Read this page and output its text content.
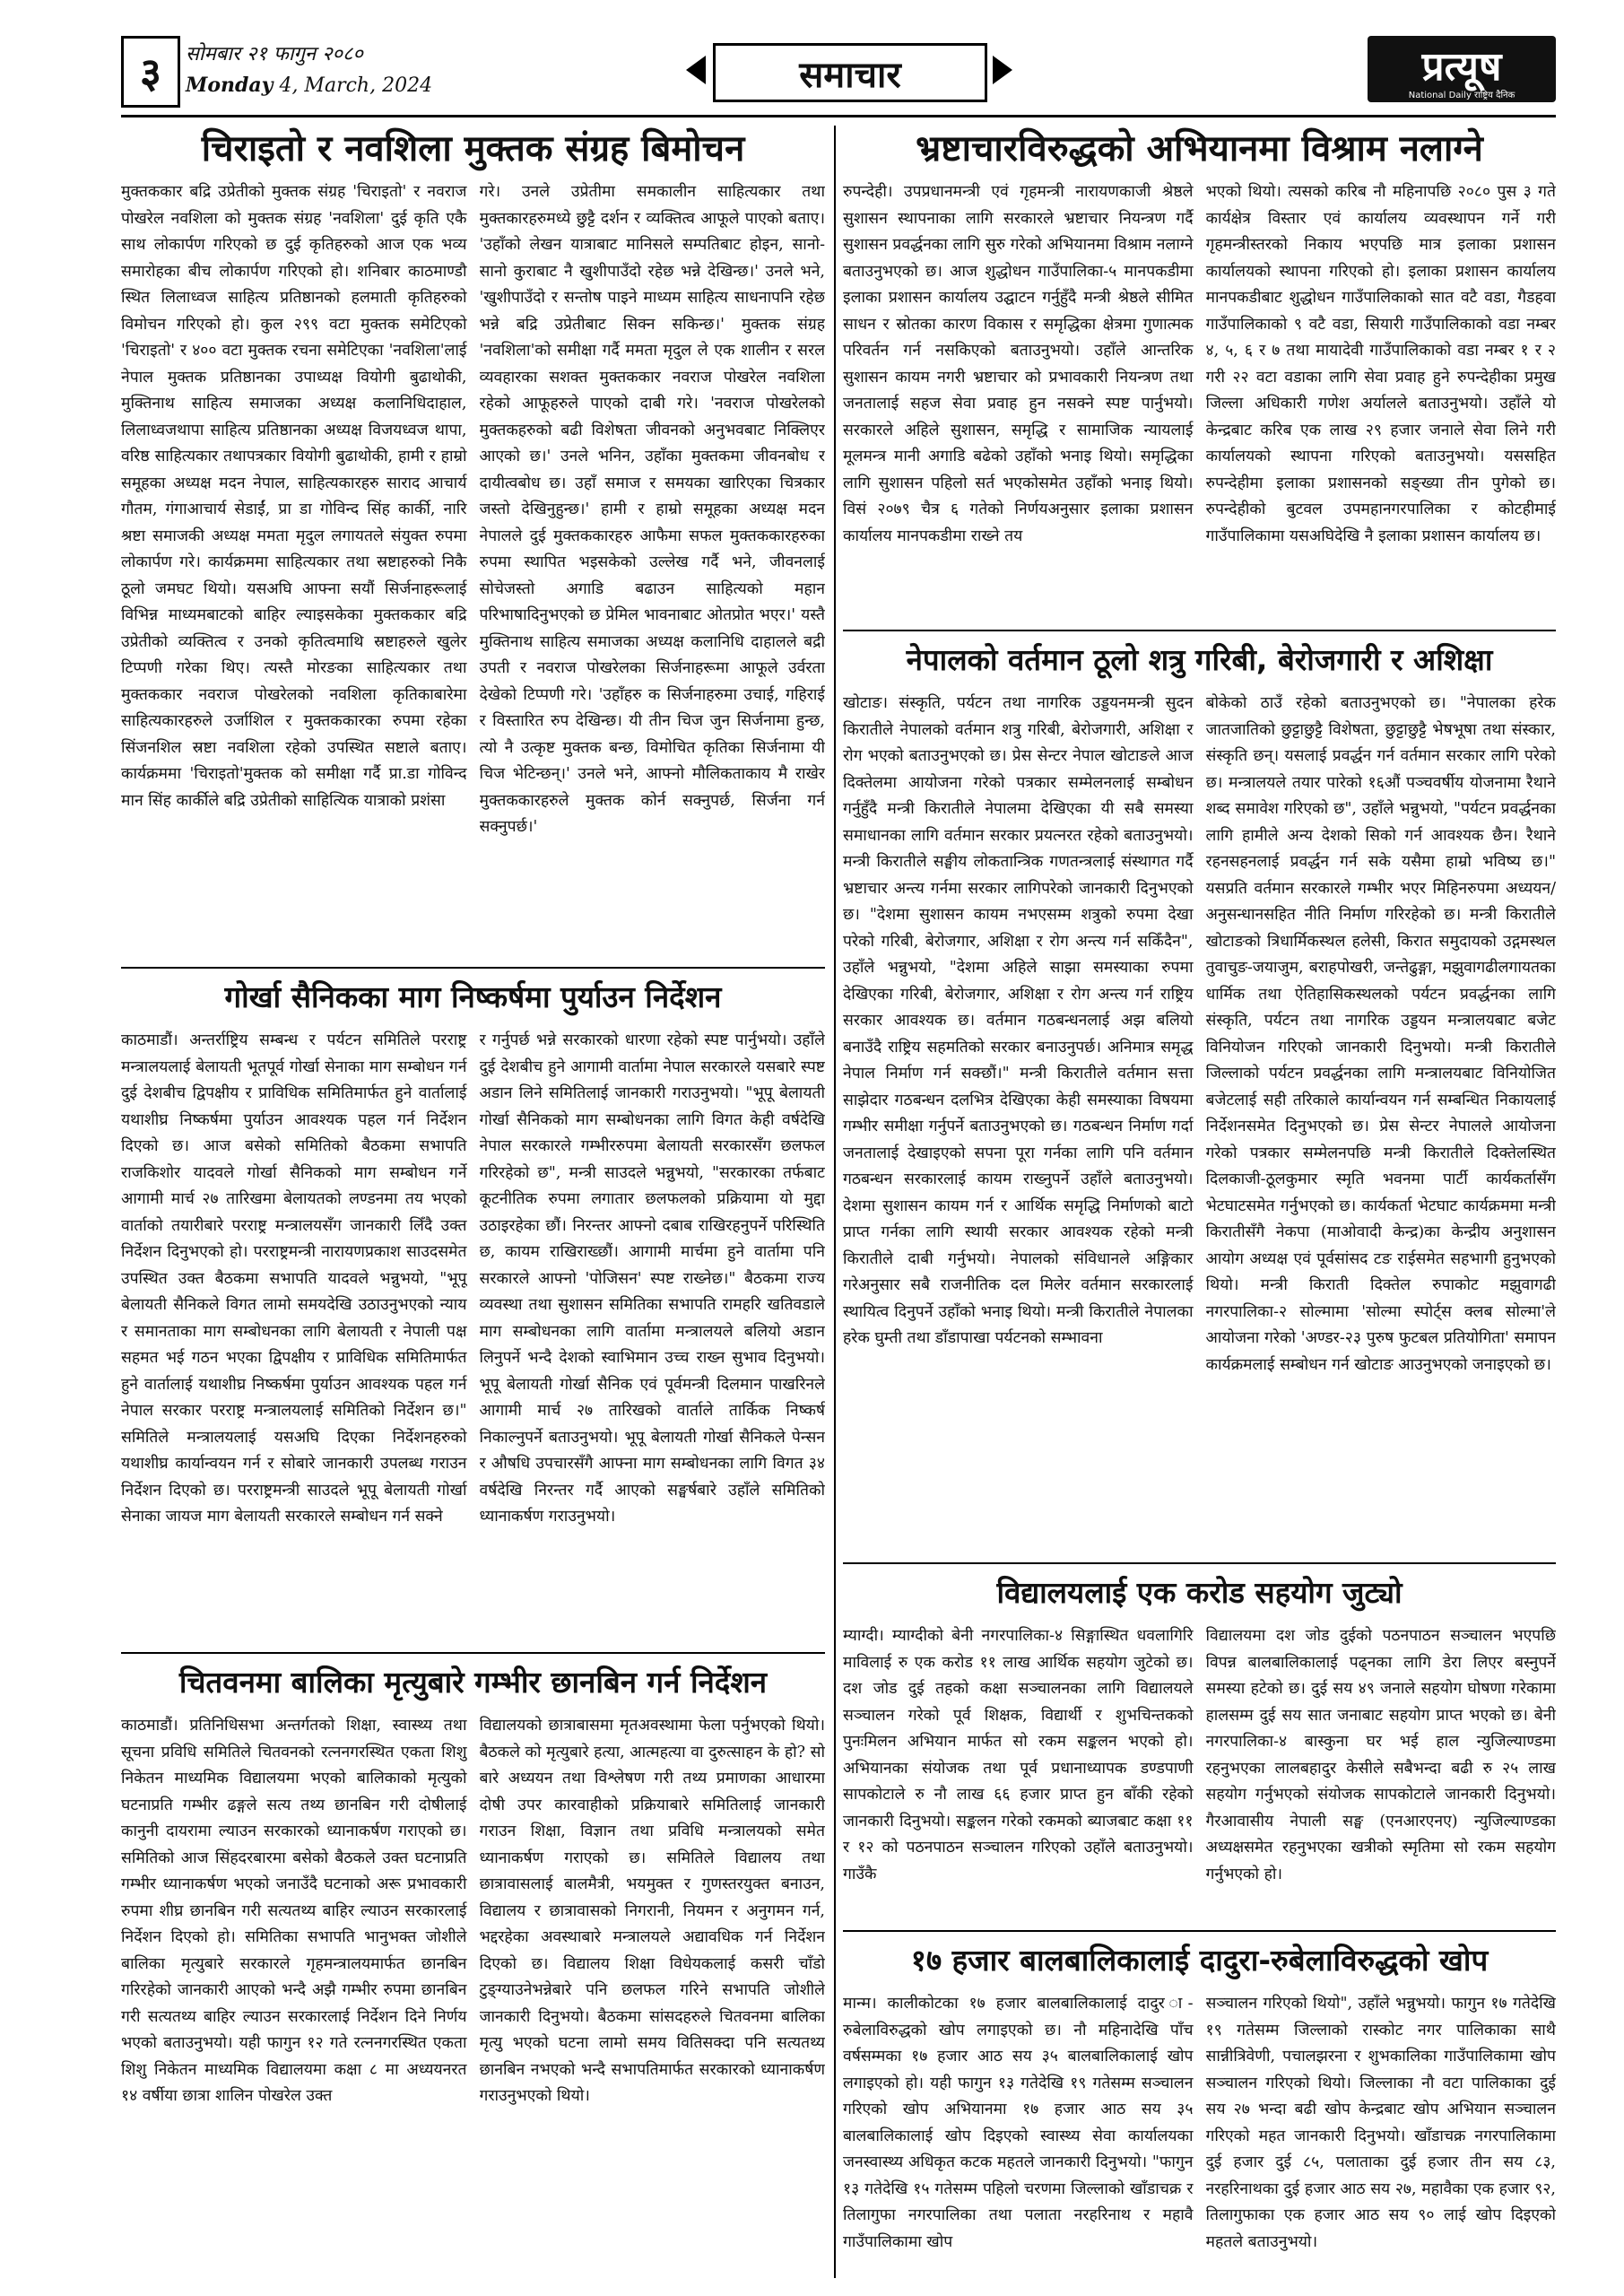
३	सोमबार २१ फागुन २०८०
Monday 4, March, 2024	समाचार	प्रत्यूष
National Daily राष्ट्रिय दैनिक
चिराइतो र नवशिला मुक्तक संग्रह बिमोचन
मुक्तककार बद्रि उप्रेतीको मुक्तक संग्रह 'चिराइतो' र नवराज पोखरेल नवशिला को मुक्तक संग्रह 'नवशिला' दुई कृति एकै साथ लोकार्पण गरिएको छ दुई कृतिहरुको आज एक भव्य समारोहका बीच लोकार्पण गरिएको हो। शनिबार काठमाण्डौ स्थित लिलाध्वज साहित्य प्रतिष्ठानको हलमाती कृतिहरुको विमोचन गरिएको हो। कुल २९९ वटा मुक्तक समेटिएको 'चिराइतो' र ४०० वटा मुक्तक रचना समेटिएका 'नवशिला'लाई नेपाल मुक्तक प्रतिष्ठानका उपाध्यक्ष वियोगी बुढाथोकी, मुक्तिनाथ साहित्य समाजका अध्यक्ष कलानिधिदाहाल, लिलाध्वजथापा साहित्य प्रतिष्ठानका अध्यक्ष विजयध्वज थापा, वरिष्ठ साहित्यकार तथापत्रकार वियोगी बुढाथोकी, हामी र हाम्रो समूहका अध्यक्ष मदन नेपाल, साहित्यकारहरु साराद आचार्य गौतम, गंगाआचार्य सेडाईं, प्रा डा गोविन्द सिंह कार्की, नारि श्रष्टा समाजकी अध्यक्ष ममता मृदुल लगायतले संयुक्त रुपमा लोकार्पण गरे। कार्यक्रममा साहित्यकार तथा स्रष्टाहरुको निकै ठूलो जमघट थियो। यसअघि आफ्ना सयौं सिर्जनाहरूलाई विभिन्न माध्यमबाटको बाहिर ल्याइसकेका मुक्तककार बद्रि उप्रेतीको व्यक्तित्व र उनको कृतित्वमाथि स्रष्टाहरुले खुलेर टिप्पणी गरेका थिए। त्यस्तै मोरङका साहित्यकार तथा मुक्तककार नवराज पोखरेलको नवशिला कृतिकाबारेमा साहित्यकारहरुले उर्जाशिल र मुक्तककारका रुपमा रहेका सिंजनशिल स्रष्टा नवशिला रहेको उपस्थित सष्टाले बताए। कार्यक्रममा 'चिराइतो'मुक्तक को समीक्षा गर्दै प्रा.डा गोविन्द मान सिंह कार्कीले बद्रि उप्रेतीको साहित्यिक यात्राको प्रशंसा
गरे। उनले उप्रेतीमा समकालीन साहित्यकार तथा मुक्तकारहरुमध्ये छुट्टै दर्शन र व्यक्तित्व आफूले पाएको बताए। 'उहाँको लेखन यात्राबाट मानिसले सम्पतिबाट होइन, सानो-सानो कुराबाट नै खुशीपाउँदो रहेछ भन्ने देखिन्छ।' उनले भने, 'खुशीपाउँदो र सन्तोष पाइने माध्यम साहित्य साधनापनि रहेछ भन्ने बद्रि उप्रेतीबाट सिक्न सकिन्छ।' मुक्तक संग्रह 'नवशिला'को समीक्षा गर्दै ममता मृदुल ले एक शालीन र सरल व्यवहारका सशक्त मुक्तककार नवराज पोखरेल नवशिला रहेको आफूहरुले पाएको दाबी गरे। 'नवराज पोखरेलको मुक्तकहरुको बढी विशेषता जीवनको अनुभवबाट निक्लिएर आएको छ।' उनले भनिन, उहाँका मुक्तकमा जीवनबोध र दायीत्वबोध छ। उहाँ समाज र समयका खारिएका चित्रकार जस्तो देखिनुहुन्छ।' हामी र हाम्रो समूहका अध्यक्ष मदन नेपालले दुई मुक्तककारहरु आफैमा सफल मुक्तककारहरुका रुपमा स्थापित भइसकेको उल्लेख गर्दै भने, जीवनलाई सोचेजस्तो अगाडि बढाउन साहित्यको महान परिभाषादिनुभएको छ प्रेमिल भावनाबाट ओतप्रोत भएर।' यस्तै मुक्तिनाथ साहित्य समाजका अध्यक्ष कलानिधि दाहालले बद्री उपती र नवराज पोखरेलका सिर्जनाहरूमा आफूले उर्वरता देखेको टिप्पणी गरे। 'उहाँहरु क सिर्जनाहरुमा उचाई, गहिराई र विस्तारित रुप देखिन्छ। यी तीन चिज जुन सिर्जनामा हुन्छ, त्यो नै उत्कृष्ट मुक्तक बन्छ, विमोचित कृतिका सिर्जनामा यी चिज भेटिन्छन्।' उनले भने, आफ्नो मौलिकताकाय मै राखेर मुक्तककारहरुले मुक्तक कोर्न सक्नुपर्छ, सिर्जना गर्न सक्नुपर्छ।'
गोर्खा सैनिकका माग निष्कर्षमा पुर्याउन निर्देशन
काठमाडौं। अन्तर्राष्ट्रिय सम्बन्ध र पर्यटन समितिले परराष्ट्र मन्त्रालयलाई बेलायती भूतपूर्व गोर्खा सेनाका माग सम्बोधन गर्न दुई देशबीच द्विपक्षीय र प्राविधिक समितिमार्फत हुने वार्तालाई यथाशीघ्र निष्कर्षमा पुर्याउन आवश्यक पहल गर्न निर्देशन दिएको छ। आज बसेको समितिको बैठकमा सभापति राजकिशोर यादवले गोर्खा सैनिकको माग सम्बोधन गर्ने आगामी मार्च २७ तारिखमा बेलायतको लण्डनमा तय भएको वार्ताको तयारीबारे परराष्ट्र मन्त्रालयसँग जानकारी लिँदै उक्त निर्देशन दिनुभएको हो। परराष्ट्रमन्त्री नारायणप्रकाश साउदसमेत उपस्थित उक्त बैठकमा सभापति यादवले भन्नुभयो, "भूपू बेलायती सैनिकले विगत लामो समयदेखि उठाउनुभएको न्याय र समानताका माग सम्बोधनका लागि बेलायती र नेपाली पक्ष सहमत भई गठन भएका द्विपक्षीय र प्राविधिक समितिमार्फत हुने वार्तालाई यथाशीघ्र निष्कर्षमा पुर्याउन आवश्यक पहल गर्न नेपाल सरकार परराष्ट्र मन्त्रालयलाई समितिको निर्देशन छ।" समितिले मन्त्रालयलाई यसअघि दिएका निर्देशनहरुको यथाशीघ्र कार्यान्वयन गर्न र सोबारे जानकारी उपलब्ध गराउन निर्देशन दिएको छ। परराष्ट्रमन्त्री साउदले भूपू बेलायती गोर्खा सेनाका जायज माग बेलायती सरकारले सम्बोधन गर्न सक्ने
र गर्नुपर्छ भन्ने सरकारको धारणा रहेको स्पष्ट पार्नुभयो। उहाँले दुई देशबीच हुने आगामी वार्तामा नेपाल सरकारले यसबारे स्पष्ट अडान लिने समितिलाई जानकारी गराउनुभयो। "भूपू बेलायती गोर्खा सैनिकको माग सम्बोधनका लागि विगत केही वर्षदेखि नेपाल सरकारले गम्भीररुपमा बेलायती सरकारसँग छलफल गरिरहेको छ", मन्त्री साउदले भन्नुभयो, "सरकारका तर्फबाट कूटनीतिक रुपमा लगातार छलफलको प्रक्रियामा यो मुद्दा उठाइरहेका छौं। निरन्तर आफ्नो दबाब राखिरहनुपर्ने परिस्थिति छ, कायम राखिराख्छौं। आगामी मार्चमा हुने वार्तामा पनि सरकारले आफ्नो 'पोजिसन' स्पष्ट राख्नेछ।" बैठकमा राज्य व्यवस्था तथा सुशासन समितिका सभापति रामहरि खतिवडाले माग सम्बोधनका लागि वार्तामा मन्त्रालयले बलियो अडान लिनुपर्ने भन्दै देशको स्वाभिमान उच्च राख्न सुभाव दिनुभयो। भूपू बेलायती गोर्खा सैनिक एवं पूर्वमन्त्री दिलमान पाखरिनले आगामी मार्च २७ तारिखको वार्ताले तार्किक निष्कर्ष निकाल्नुपर्ने बताउनुभयो। भूपू बेलायती गोर्खा सैनिकले पेन्सन र औषधि उपचारसँगै आफ्ना माग सम्बोधनका लागि विगत ३४ वर्षदेखि निरन्तर गर्दै आएको सङ्घर्षबारे उहाँले समितिको ध्यानाकर्षण गराउनुभयो।
चितवनमा बालिका मृत्युबारे गम्भीर छानबिन गर्न निर्देशन
काठमाडौं। प्रतिनिधिसभा अन्तर्गतको शिक्षा, स्वास्थ्य तथा सूचना प्रविधि समितिले चितवनको रत्ननगरस्थित एकता शिशु निकेतन माध्यमिक विद्यालयमा भएको बालिकाको मृत्युको घटनाप्रति गम्भीर ढङ्गले सत्य तथ्य छानबिन गरी दोषीलाई कानुनी दायरामा ल्याउन सरकारको ध्यानाकर्षण गराएको छ। समितिको आज सिंहदरबारमा बसेको बैठकले उक्त घटनाप्रति गम्भीर ध्यानाकर्षण भएको जनाउँदै घटनाको अरू प्रभावकारी रुपमा शीघ्र छानबिन गरी सत्यतथ्य बाहिर ल्याउन सरकारलाई निर्देशन दिएको हो। समितिका सभापति भानुभक्त जोशीले बालिका मृत्युबारे सरकारले गृहमन्त्रालयमार्फत छानबिन गरिरहेको जानकारी आएको भन्दै अझै गम्भीर रुपमा छानबिन गरी सत्यतथ्य बाहिर ल्याउन सरकारलाई निर्देशन दिने निर्णय भएको बताउनुभयो। यही फागुन १२ गते रत्ननगरस्थित एकता शिशु निकेतन माध्यमिक विद्यालयमा कक्षा ८ मा अध्ययनरत १४ वर्षीया छात्रा शालिन पोखरेल उक्त
विद्यालयको छात्राबासमा मृतअवस्थामा फेला पर्नुभएको थियो। बैठकले को मृत्युबारे हत्या, आत्महत्या वा दुरुत्साहन के हो? सो बारे अध्ययन तथा विश्लेषण गरी तथ्य प्रमाणका आधारमा दोषी उपर कारवाहीको प्रक्रियाबारे समितिलाई जानकारी गराउन शिक्षा, विज्ञान तथा प्रविधि मन्त्रालयको समेत ध्यानाकर्षण गराएको छ। समितिले विद्यालय तथा छात्रावासलाई बालमैत्री, भयमुक्त र गुणस्तरयुक्त बनाउन, विद्यालय र छात्रावासको निगरानी, नियमन र अनुगमन गर्न, भद्दरहेका अवस्थाबारे मन्त्रालयले अद्यावधिक गर्न निर्देशन दिएको छ। विद्यालय शिक्षा विधेयकलाई कसरी चाँडो टुङ्ग्याउनेभन्नेबारे पनि छलफल गरिने सभापति जोशीले जानकारी दिनुभयो। बैठकमा सांसदहरुले चितवनमा बालिका मृत्यु भएको घटना लामो समय वितिसक्दा पनि सत्यतथ्य छानबिन नभएको भन्दै सभापतिमार्फत सरकारको ध्यानाकर्षण गराउनुभएको थियो।
भ्रष्टाचारविरुद्धको अभियानमा विश्राम नलाग्ने
रुपन्देही। उपप्रधानमन्त्री एवं गृहमन्त्री नारायणकाजी श्रेष्ठले सुशासन स्थापनाका लागि सरकारले भ्रष्टाचार नियन्त्रण गर्दै सुशासन प्रवर्द्धनका लागि सुरु गरेको अभियानमा विश्राम नलाग्ने बताउनुभएको छ। आज शुद्धोधन गाउँपालिका-५ मानपकडीमा इलाका प्रशासन कार्यालय उद्घाटन गर्नुहुँदै मन्त्री श्रेष्ठले सीमित साधन र स्रोतका कारण विकास र समृद्धिका क्षेत्रमा गुणात्मक परिवर्तन गर्न नसकिएको बताउनुभयो। उहाँले आन्तरिक सुशासन कायम नगरी भ्रष्टाचार को प्रभावकारी नियन्त्रण तथा जनतालाई सहज सेवा प्रवाह हुन नसक्ने स्पष्ट पार्नुभयो। सरकारले अहिले सुशासन, समृद्धि र सामाजिक न्यायलाई मूलमन्त्र मानी अगाडि बढेको उहाँको भनाइ थियो। समृद्धिका लागि सुशासन पहिलो सर्त भएकोसमेत उहाँको भनाइ थियो। विसं २०७९ चैत्र ६ गतेको निर्णयअनुसार इलाका प्रशासन कार्यालय मानपकडीमा राख्ने तय
भएको थियो। त्यसको करिब नौ महिनापछि २०८० पुस ३ गते कार्यक्षेत्र विस्तार एवं कार्यालय व्यवस्थापन गर्ने गरी गृहमन्त्रीस्तरको निकाय भएपछि मात्र इलाका प्रशासन कार्यालयको स्थापना गरिएको हो। इलाका प्रशासन कार्यालय मानपकडीबाट शुद्धोधन गाउँपालिकाको सात वटै वडा, गैडहवा गाउँपालिकाको ९ वटै वडा, सियारी गाउँपालिकाको वडा नम्बर ४, ५, ६ र ७ तथा मायादेवी गाउँपालिकाको वडा नम्बर १ र २ गरी २२ वटा वडाका लागि सेवा प्रवाह हुने रुपन्देहीका प्रमुख जिल्ला अधिकारी गणेश अर्यालले बताउनुभयो। उहाँले यो केन्द्रबाट करिब एक लाख २९ हजार जनाले सेवा लिने गरी कार्यालयको स्थापना गरिएको बताउनुभयो। यससहित रुपन्देहीमा इलाका प्रशासनको सङ्ख्या तीन पुगेको छ। रुपन्देहीको बुटवल उपमहानगरपालिका र कोटहीमाई गाउँपालिकामा यसअघिदेखि नै इलाका प्रशासन कार्यालय छ।
नेपालको वर्तमान ठूलो शत्रु गरिबी, बेरोजगारी र अशिक्षा
खोटाङ। संस्कृति, पर्यटन तथा नागरिक उड्डयनमन्त्री सुदन किरातीले नेपालको वर्तमान शत्रु गरिबी, बेरोजगारी, अशिक्षा र रोग भएको बताउनुभएको छ। प्रेस सेन्टर नेपाल खोटाङले आज दिक्तेलमा आयोजना गरेको पत्रकार सम्मेलनलाई सम्बोधन गर्नुहुँदै मन्त्री किरातीले नेपालमा देखिएका यी सबै समस्या समाधानका लागि वर्तमान सरकार प्रयत्नरत रहेको बताउनुभयो। मन्त्री किरातीले सङ्घीय लोकतान्त्रिक गणतन्त्रलाई संस्थागत गर्दै भ्रष्टाचार अन्त्य गर्नमा सरकार लागिपरेको जानकारी दिनुभएको छ। "देशमा सुशासन कायम नभएसम्म शत्रुको रुपमा देखा परेको गरिबी, बेरोजगार, अशिक्षा र रोग अन्त्य गर्न सकिँदैन", उहाँले भन्नुभयो, "देशमा अहिले साझा समस्याका रुपमा देखिएका गरिबी, बेरोजगार, अशिक्षा र रोग अन्त्य गर्न राष्ट्रिय सरकार आवश्यक छ। वर्तमान गठबन्धनलाई अझ बलियो बनाउँदै राष्ट्रिय सहमतिको सरकार बनाउनुपर्छ। अनिमात्र समृद्ध नेपाल निर्माण गर्न सक्छौं।" मन्त्री किरातीले वर्तमान सत्ता साझेदार गठबन्धन दलभित्र देखिएका केही समस्याका विषयमा गम्भीर समीक्षा गर्नुपर्ने बताउनुभएको छ। गठबन्धन निर्माण गर्दा जनतालाई देखाइएको सपना पूरा गर्नका लागि पनि वर्तमान गठबन्धन सरकारलाई कायम राख्नुपर्ने उहाँले बताउनुभयो। देशमा सुशासन कायम गर्न र आर्थिक समृद्धि निर्माणको बाटो प्राप्त गर्नका लागि स्थायी सरकार आवश्यक रहेको मन्त्री किरातीले दाबी गर्नुभयो। नेपालको संविधानले अङ्गिकार गरेअनुसार सबै राजनीतिक दल मिलेर वर्तमान सरकारलाई स्थायित्व दिनुपर्ने उहाँको भनाइ थियो। मन्त्री किरातीले नेपालका हरेक घुम्ती तथा डाँडापाखा पर्यटनको सम्भावना
बोकेको ठाउँ रहेको बताउनुभएको छ। "नेपालका हरेक जातजातिको छुट्टाछुट्टै विशेषता, छुट्टाछुट्टै भेषभूषा तथा संस्कार, संस्कृति छन्। यसलाई प्रवर्द्धन गर्न वर्तमान सरकार लागि परेको छ। मन्त्रालयले तयार पारेको १६औं पञ्चवर्षीय योजनामा रैथाने शब्द समावेश गरिएको छ", उहाँले भन्नुभयो, "पर्यटन प्रवर्द्धनका लागि हामीले अन्य देशको सिको गर्न आवश्यक छैन। रैथाने रहनसहनलाई प्रवर्द्धन गर्न सके यसैमा हाम्रो भविष्य छ।" यसप्रति वर्तमान सरकारले गम्भीर भएर मिहिनरुपमा अध्ययन/अनुसन्धानसहित नीति निर्माण गरिरहेको छ। मन्त्री किरातीले खोटाङको त्रिधार्मिकस्थल हलेसी, किरात समुदायको उद्गमस्थल तुवाचुङ-जयाजुम, बराहपोखरी, जन्तेढुङ्गा, मझुवागढीलगायतका धार्मिक तथा ऐतिहासिकस्थलको पर्यटन प्रवर्द्धनका लागि संस्कृति, पर्यटन तथा नागरिक उड्डयन मन्त्रालयबाट बजेट विनियोजन गरिएको जानकारी दिनुभयो। मन्त्री किरातीले जिल्लाको पर्यटन प्रवर्द्धनका लागि मन्त्रालयबाट विनियोजित बजेटलाई सही तरिकाले कार्यान्वयन गर्न सम्बन्धित निकायलाई निर्देशनसमेत दिनुभएको छ। प्रेस सेन्टर नेपालले आयोजना गरेको पत्रकार सम्मेलनपछि मन्त्री किरातीले दिक्तेलस्थित दिलकाजी-ठूलकुमार स्मृति भवनमा पार्टी कार्यकर्तासँग भेटघाटसमेत गर्नुभएको छ। कार्यकर्ता भेटघाट कार्यक्रममा मन्त्री किरातीसँगै नेकपा (माओवादी केन्द्र)का केन्द्रीय अनुशासन आयोग अध्यक्ष एवं पूर्वसांसद टङ राईसमेत सहभागी हुनुभएको थियो। मन्त्री किराती दिक्तेल रुपाकोट मझुवागढी नगरपालिका-२ सोल्मामा 'सोल्मा स्पोर्ट्स क्लब सोल्मा'ले आयोजना गरेको 'अण्डर-२३ पुरुष फुटबल प्रतियोगिता' समापन कार्यक्रमलाई सम्बोधन गर्न खोटाङ आउनुभएको जनाइएको छ।
विद्यालयलाई एक करोड सहयोग जुट्यो
म्याग्दी। म्याग्दीको बेनी नगरपालिका-४ सिङ्गास्थित धवलागिरि माविलाई रु एक करोड ११ लाख आर्थिक सहयोग जुटेको छ। दश जोड दुई तहको कक्षा सञ्चालनका लागि विद्यालयले सञ्चालन गरेको पूर्व शिक्षक, विद्यार्थी र शुभचिन्तकको पुनःमिलन अभियान मार्फत सो रकम सङ्कलन भएको हो। अभियानका संयोजक तथा पूर्व प्रधानाध्यापक डण्डपाणी सापकोटाले रु नौ लाख ६६ हजार प्राप्त हुन बाँकी रहेको जानकारी दिनुभयो। सङ्कलन गरेको रकमको ब्याजबाट कक्षा ११ र १२ को पठनपाठन सञ्चालन गरिएको उहाँले बताउनुभयो। गाउँकै
विद्यालयमा दश जोड दुईको पठनपाठन सञ्चालन भएपछि विपन्न बालबालिकालाई पढ्नका लागि डेरा लिएर बस्नुपर्ने समस्या हटेको छ। दुई सय ४९ जनाले सहयोग घोषणा गरेकामा हालसम्म दुई सय सात जनाबाट सहयोग प्राप्त भएको छ। बेनी नगरपालिका-४ बास्कुना घर भई हाल न्युजिल्याण्डमा रहनुभएका लालबहादुर केसीले सबैभन्दा बढी रु २५ लाख सहयोग गर्नुभएको संयोजक सापकोटाले जानकारी दिनुभयो। गैरआवासीय नेपाली सङ्घ (एनआरएनए) न्युजिल्याण्डका अध्यक्षसमेत रहनुभएका खत्रीको स्मृतिमा सो रकम सहयोग गर्नुभएको हो।
१७ हजार बालबालिकालाई दादुरा-रुबेलाविरुद्धको खोप
मान्म। कालीकोटका १७ हजार बालबालिकालाई दादुर ा-रुबेलाविरुद्धको खोप लगाइएको छ। नौ महिनादेखि पाँच वर्षसम्मका १७ हजार आठ सय ३५ बालबालिकालाई खोप लगाइएको हो। यही फागुन १३ गतेदेखि १९ गतेसम्म सञ्चालन गरिएको खोप अभियानमा १७ हजार आठ सय ३५ बालबालिकालाई खोप दिइएको स्वास्थ्य सेवा कार्यालयका जनस्वास्थ्य अधिकृत कटक महतले जानकारी दिनुभयो। "फागुन १३ गतेदेखि १५ गतेसम्म पहिलो चरणमा जिल्लाको खाँडाचक्र र तिलागुफा नगरपालिका तथा पलाता नरहरिनाथ र महावै गाउँपालिकामा खोप
सञ्चालन गरिएको थियो", उहाँले भन्नुभयो। फागुन १७ गतेदेखि १९ गतेसम्म जिल्लाको रास्कोट नगर पालिकाका साथै सान्नीत्रिवेणी, पचालझरना र शुभकालिका गाउँपालिकामा खोप सञ्चालन गरिएको थियो। जिल्लाका नौ वटा पालिकाका दुई सय २७ भन्दा बढी खोप केन्द्रबाट खोप अभियान सञ्चालन गरिएको महत जानकारी दिनुभयो। खाँडाचक्र नगरपालिकामा दुई हजार दुई ८५, पलाताका दुई हजार तीन सय ८३, नरहरिनाथका दुई हजार आठ सय २७, महावैका एक हजार ९२, तिलागुफाका एक हजार आठ सय ९० लाई खोप दिइएको महतले बताउनुभयो।
